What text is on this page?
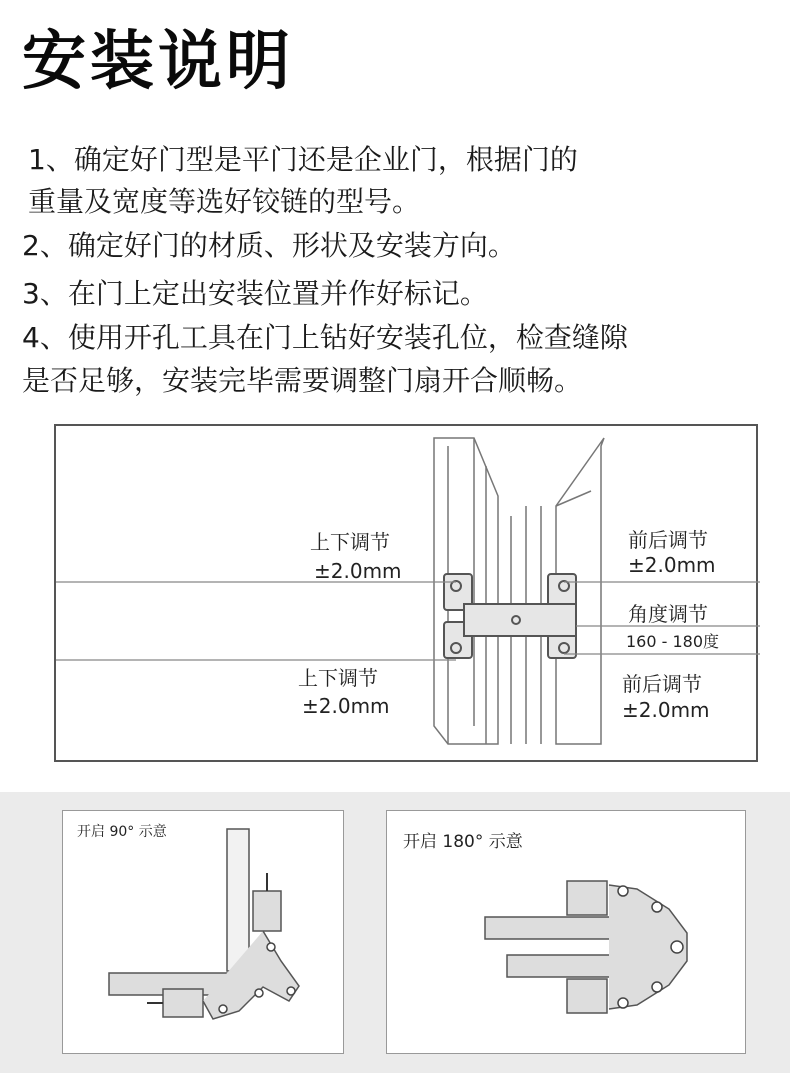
安装说明
1、确定好门型是平门还是企业门，根据门的
重量及宽度等选好铰链的型号。
2、确定好门的材质、形状及安装方向。
3、在门上定出安装位置并作好标记。
4、使用开孔工具在门上钻好安装孔位，检查缝隙
是否足够，安装完毕需要调整门扇开合顺畅。
上下调节
±2.0mm
上下调节
±2.0mm
前后调节
±2.0mm
角度调节
160 - 180度
前后调节
±2.0mm
开启 90° 示意	开启 180° 示意
